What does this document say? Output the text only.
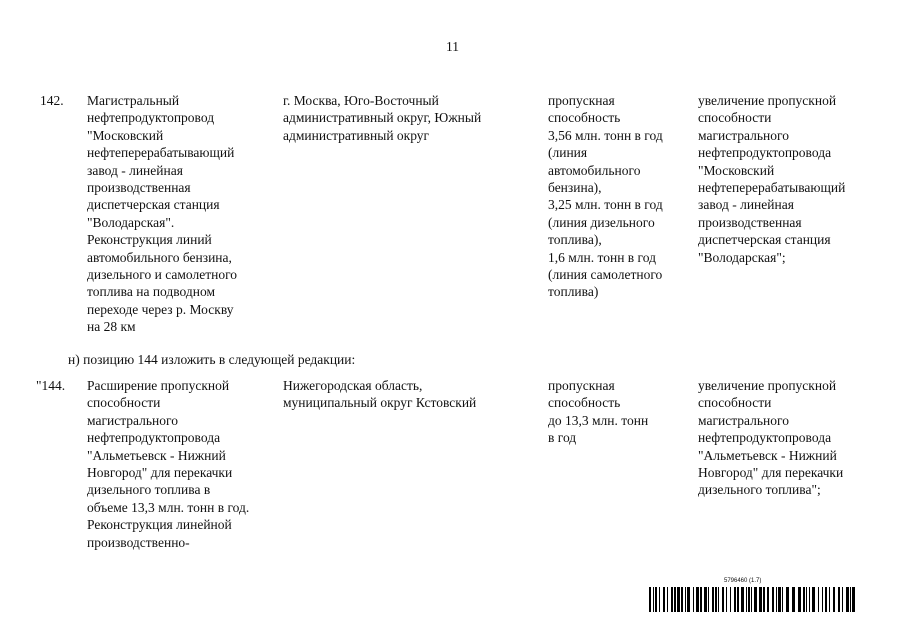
11
142. Магистральный
нефтепродуктопровод
"Московский
нефтеперерабатывающий
завод - линейная
производственная
диспетчерская станция
"Володарская".
Реконструкция линий
автомобильного бензина,
дизельного и самолетного
топлива на подводном
переходе через р. Москву
на 28 км
г. Москва, Юго-Восточный
административный округ, Южный
административный округ
пропускная
способность
3,56 млн. тонн в год
(линия
автомобильного
бензина),
3,25 млн. тонн в год
(линия дизельного
топлива),
1,6 млн. тонн в год
(линия самолетного
топлива)
увеличение пропускной
способности
магистрального
нефтепродуктопровода
"Московский
нефтеперерабатывающий
завод - линейная
производственная
диспетчерская станция
"Володарская";
н) позицию 144 изложить в следующей редакции:
"144. Расширение пропускной
способности
магистрального
нефтепродуктопровода
"Альметьевск - Нижний
Новгород" для перекачки
дизельного топлива в
объеме 13,3 млн. тонн в год.
Реконструкция линейной
производственно-
Нижегородская область,
муниципальный округ Кстовский
пропускная
способность
до 13,3 млн. тонн
в год
увеличение пропускной
способности
магистрального
нефтепродуктопровода
"Альметьевск - Нижний
Новгород" для перекачки
дизельного топлива";
5796460 (1.7)
